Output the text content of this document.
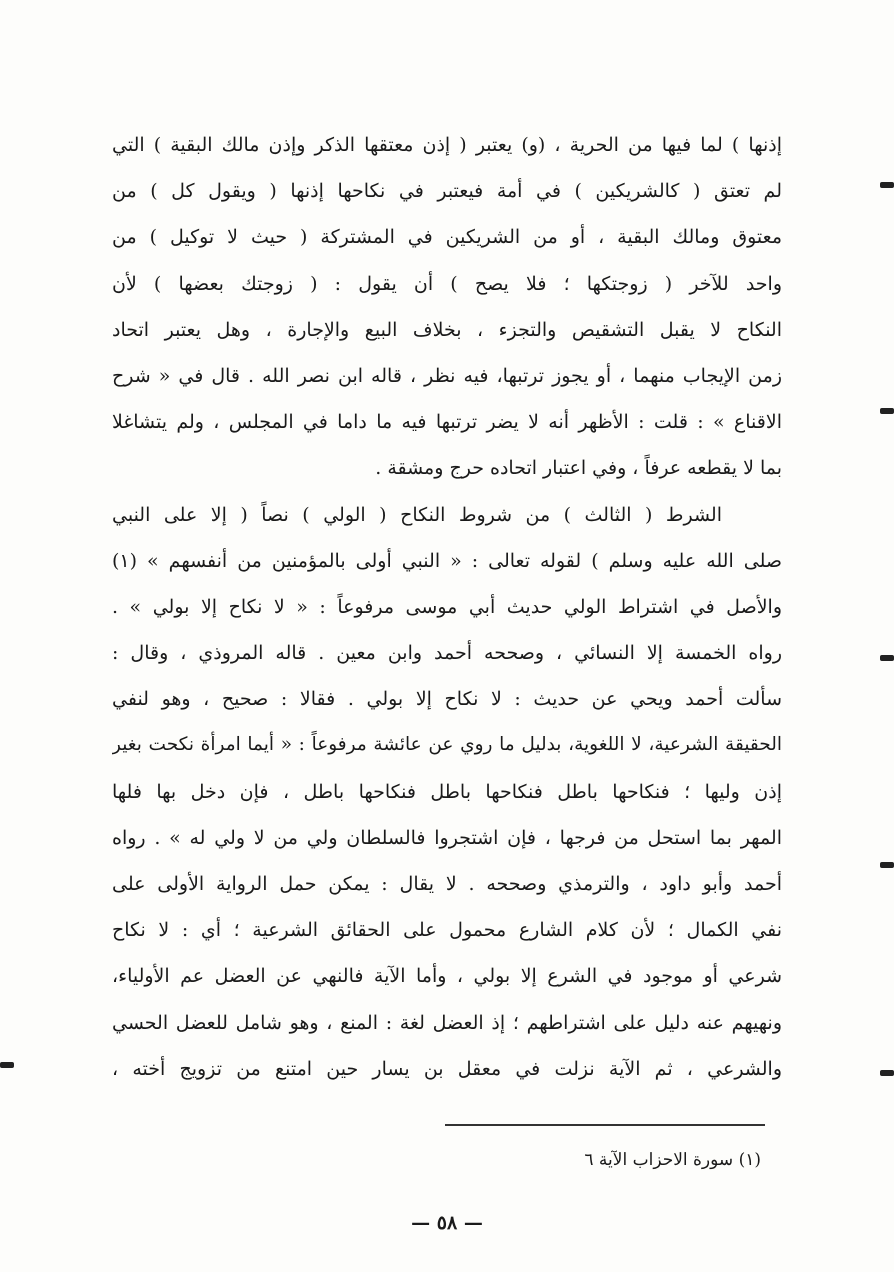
إذنها ) لما فيها من الحرية ، (و) يعتبر ( إذن معتقها الذكر وإذن مالك البقية ) التي
لم تعتق ( كالشريكين ) في أمة فيعتبر في نكاحها إذنها ( ويقول كل ) من
معتوق ومالك البقية ، أو من الشريكين في المشتركة ( حيث لا توكيل ) من
واحد للآخر ( زوجتكها ؛ فلا يصح ) أن يقول : ( زوجتك بعضها ) لأن
النكاح لا يقبل التشقيص والتجزء ، بخلاف البيع والإجارة ، وهل يعتبر اتحاد
زمن الإيجاب منهما ، أو يجوز ترتبها، فيه نظر ، قاله ابن نصر الله . قال في « شرح
الاقناع » : قلت : الأظهر أنه لا يضر ترتبها فيه ما داما في المجلس ، ولم يتشاغلا
بما لا يقطعه عرفاً ، وفي اعتبار اتحاده حرج ومشقة .
الشرط ( الثالث ) من شروط النكاح ( الولي ) نصاً ( إلا على النبي
صلى الله عليه وسلم ) لقوله تعالى : « النبي أولى بالمؤمنين من أنفسهم » (١)
والأصل في اشتراط الولي حديث أبي موسى مرفوعاً : « لا نكاح إلا بولي » .
رواه الخمسة إلا النسائي ، وصححه أحمد وابن معين . قاله المروذي ، وقال :
سألت أحمد ويحي عن حديث : لا نكاح إلا بولي . فقالا : صحيح ، وهو لنفي
الحقيقة الشرعية، لا اللغوية، بدليل ما روي عن عائشة مرفوعاً : « أيما امرأة نكحت بغير
إذن وليها ؛ فنكاحها باطل فنكاحها باطل فنكاحها باطل ، فإن دخل بها فلها
المهر بما استحل من فرجها ، فإن اشتجروا فالسلطان ولي من لا ولي له » . رواه
أحمد وأبو داود ، والترمذي وصححه . لا يقال : يمكن حمل الرواية الأولى على
نفي الكمال ؛ لأن كلام الشارع محمول على الحقائق الشرعية ؛ أي : لا نكاح
شرعي أو موجود في الشرع إلا بولي ، وأما الآية فالنهي عن العضل عم الأولياء،
ونهيهم عنه دليل على اشتراطهم ؛ إذ العضل لغة : المنع ، وهو شامل للعضل الحسي
والشرعي ، ثم الآية نزلت في معقل بن يسار حين امتنع من تزويج أخته ،
(١) سورة الاحزاب الآية ٦
— ٥٨ —
